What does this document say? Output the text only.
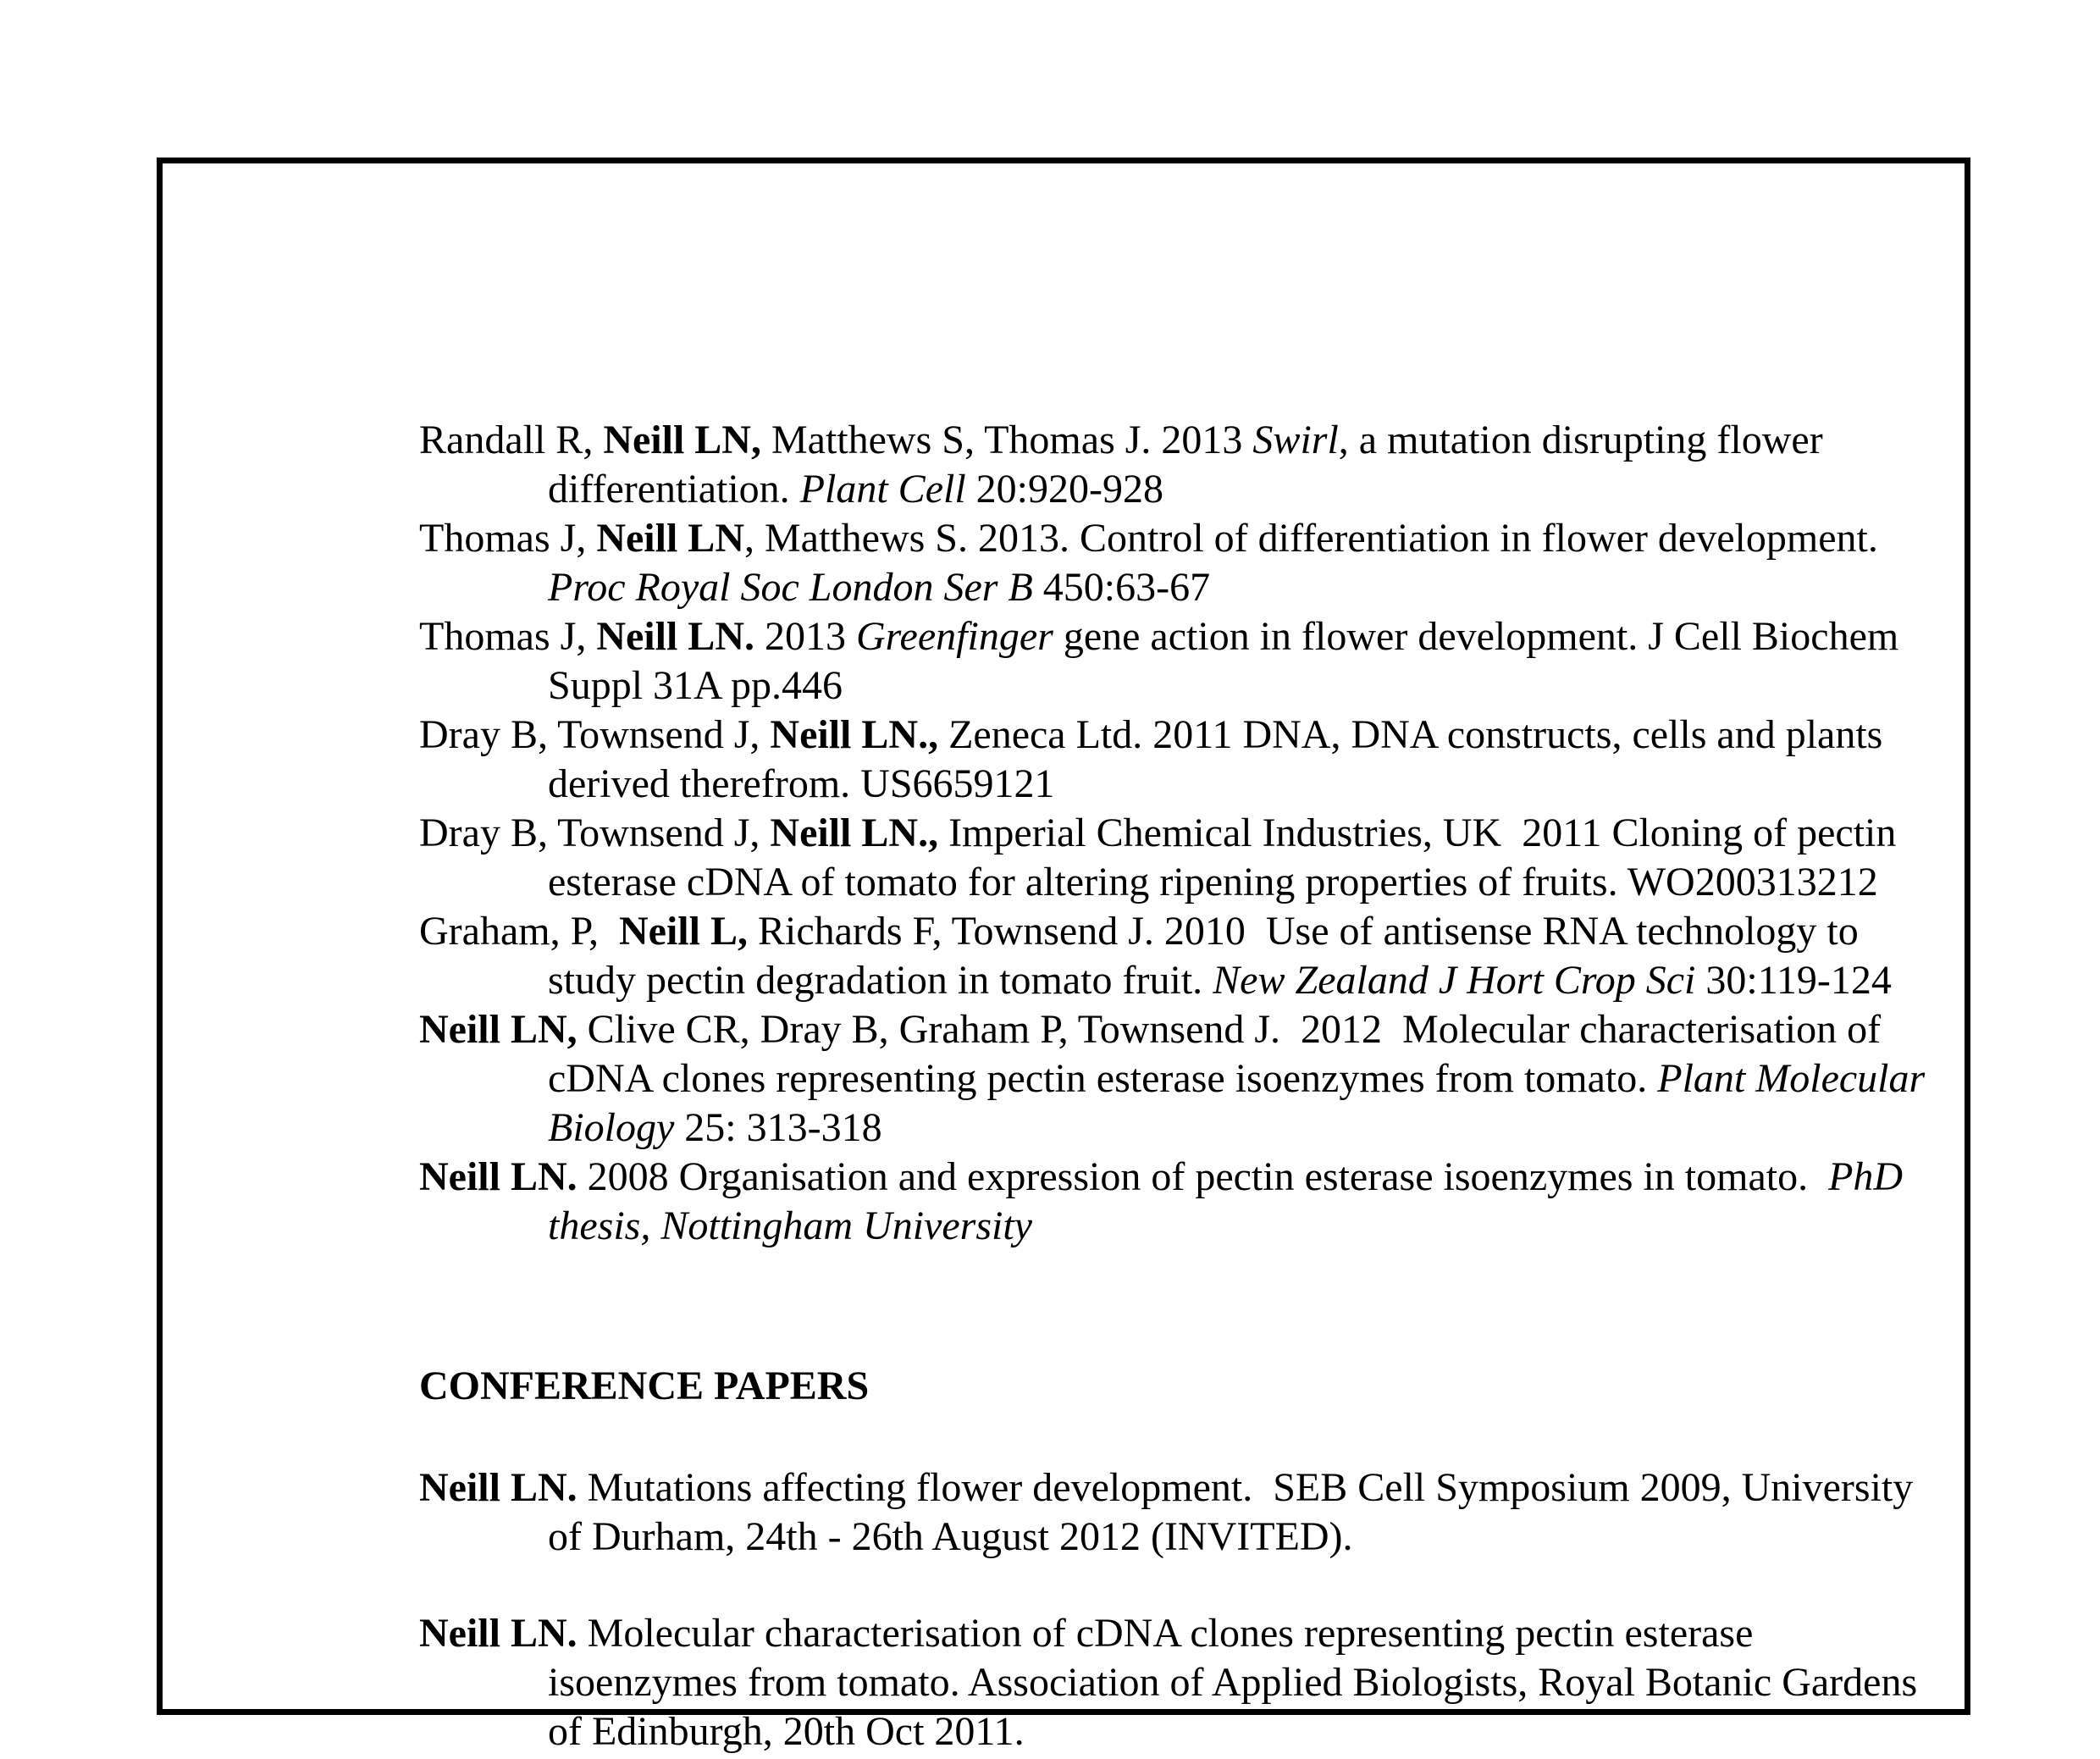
Randall R, Neill LN, Matthews S, Thomas J. 2013 Swirl, a mutation disrupting flower
differentiation. Plant Cell 20:920-928
Thomas J, Neill LN, Matthews S. 2013. Control of differentiation in flower development.
Proc Royal Soc London Ser B 450:63-67
Thomas J, Neill LN. 2013 Greenfinger gene action in flower development. J Cell Biochem
Suppl 31A pp.446
Dray B, Townsend J, Neill LN., Zeneca Ltd. 2011 DNA, DNA constructs, cells and plants
derived therefrom. US6659121
Dray B, Townsend J, Neill LN., Imperial Chemical Industries, UK  2011 Cloning of pectin
esterase cDNA of tomato for altering ripening properties of fruits. WO200313212
Graham, P,  Neill L, Richards F, Townsend J. 2010  Use of antisense RNA technology to
study pectin degradation in tomato fruit. New Zealand J Hort Crop Sci 30:119-124
Neill LN, Clive CR, Dray B, Graham P, Townsend J.  2012  Molecular characterisation of
cDNA clones representing pectin esterase isoenzymes from tomato. Plant Molecular
Biology 25: 313-318
Neill LN. 2008 Organisation and expression of pectin esterase isoenzymes in tomato.  PhD
thesis, Nottingham University
CONFERENCE PAPERS
Neill LN. Mutations affecting flower development.  SEB Cell Symposium 2009, University
of Durham, 24th - 26th August 2012 (INVITED).
Neill LN. Molecular characterisation of cDNA clones representing pectin esterase
isoenzymes from tomato. Association of Applied Biologists, Royal Botanic Gardens
of Edinburgh, 20th Oct 2011.
